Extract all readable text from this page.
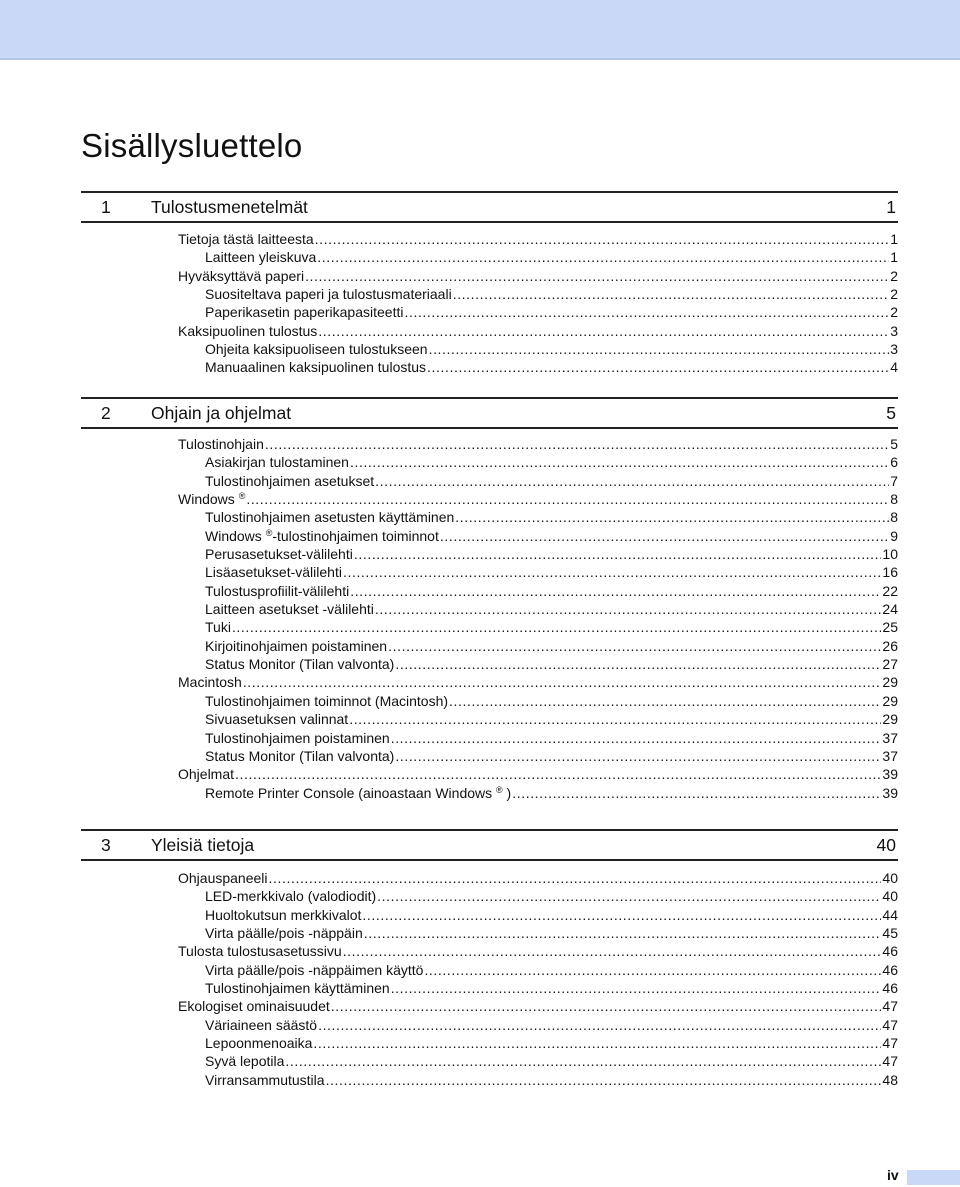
Sisällysluettelo
1 Tulostusmenetelmät	1
Tietoja tästä laitteesta .....	1
Laitteen yleiskuva .....	1
Hyväksyttävä paperi .....	2
Suositeltava paperi ja tulostusmateriaali .....	2
Paperikasetin paperikapasiteetti .....	2
Kaksipuolinen tulostus .....	3
Ohjeita kaksipuoliseen tulostukseen .....	3
Manuaalinen kaksipuolinen tulostus .....	4
2 Ohjain ja ohjelmat	5
Tulostinohjain .....	5
Asiakirjan tulostaminen .....	6
Tulostinohjaimen asetukset .....	7
Windows ® .....	8
Tulostinohjaimen asetusten käyttäminen .....	8
Windows ®-tulostinohjaimen toiminnot .....	9
Perusasetukset-välilehti .....	10
Lisäasetukset-välilehti .....	16
Tulostusprofiilit-välilehti .....	22
Laitteen asetukset -välilehti .....	24
Tuki .....	25
Kirjoitinohjaimen poistaminen .....	26
Status Monitor (Tilan valvonta) .....	27
Macintosh .....	29
Tulostinohjaimen toiminnot (Macintosh) .....	29
Sivuasetuksen valinnat .....	29
Tulostinohjaimen poistaminen .....	37
Status Monitor (Tilan valvonta) .....	37
Ohjelmat .....	39
Remote Printer Console (ainoastaan Windows ® ) .....	39
3 Yleisiä tietoja	40
Ohjauspaneeli .....	40
LED-merkkivalo (valodiodit) .....	40
Huoltokutsun merkkivalot .....	44
Virta päälle/pois -näppäin .....	45
Tulosta tulostusasetussivu .....	46
Virta päälle/pois -näppäimen käyttö .....	46
Tulostinohjaimen käyttäminen .....	46
Ekologiset ominaisuudet .....	47
Väriaineen säästö .....	47
Lepoonmenoaika .....	47
Syvä lepotila .....	47
Virransammutustila .....	48
iv
